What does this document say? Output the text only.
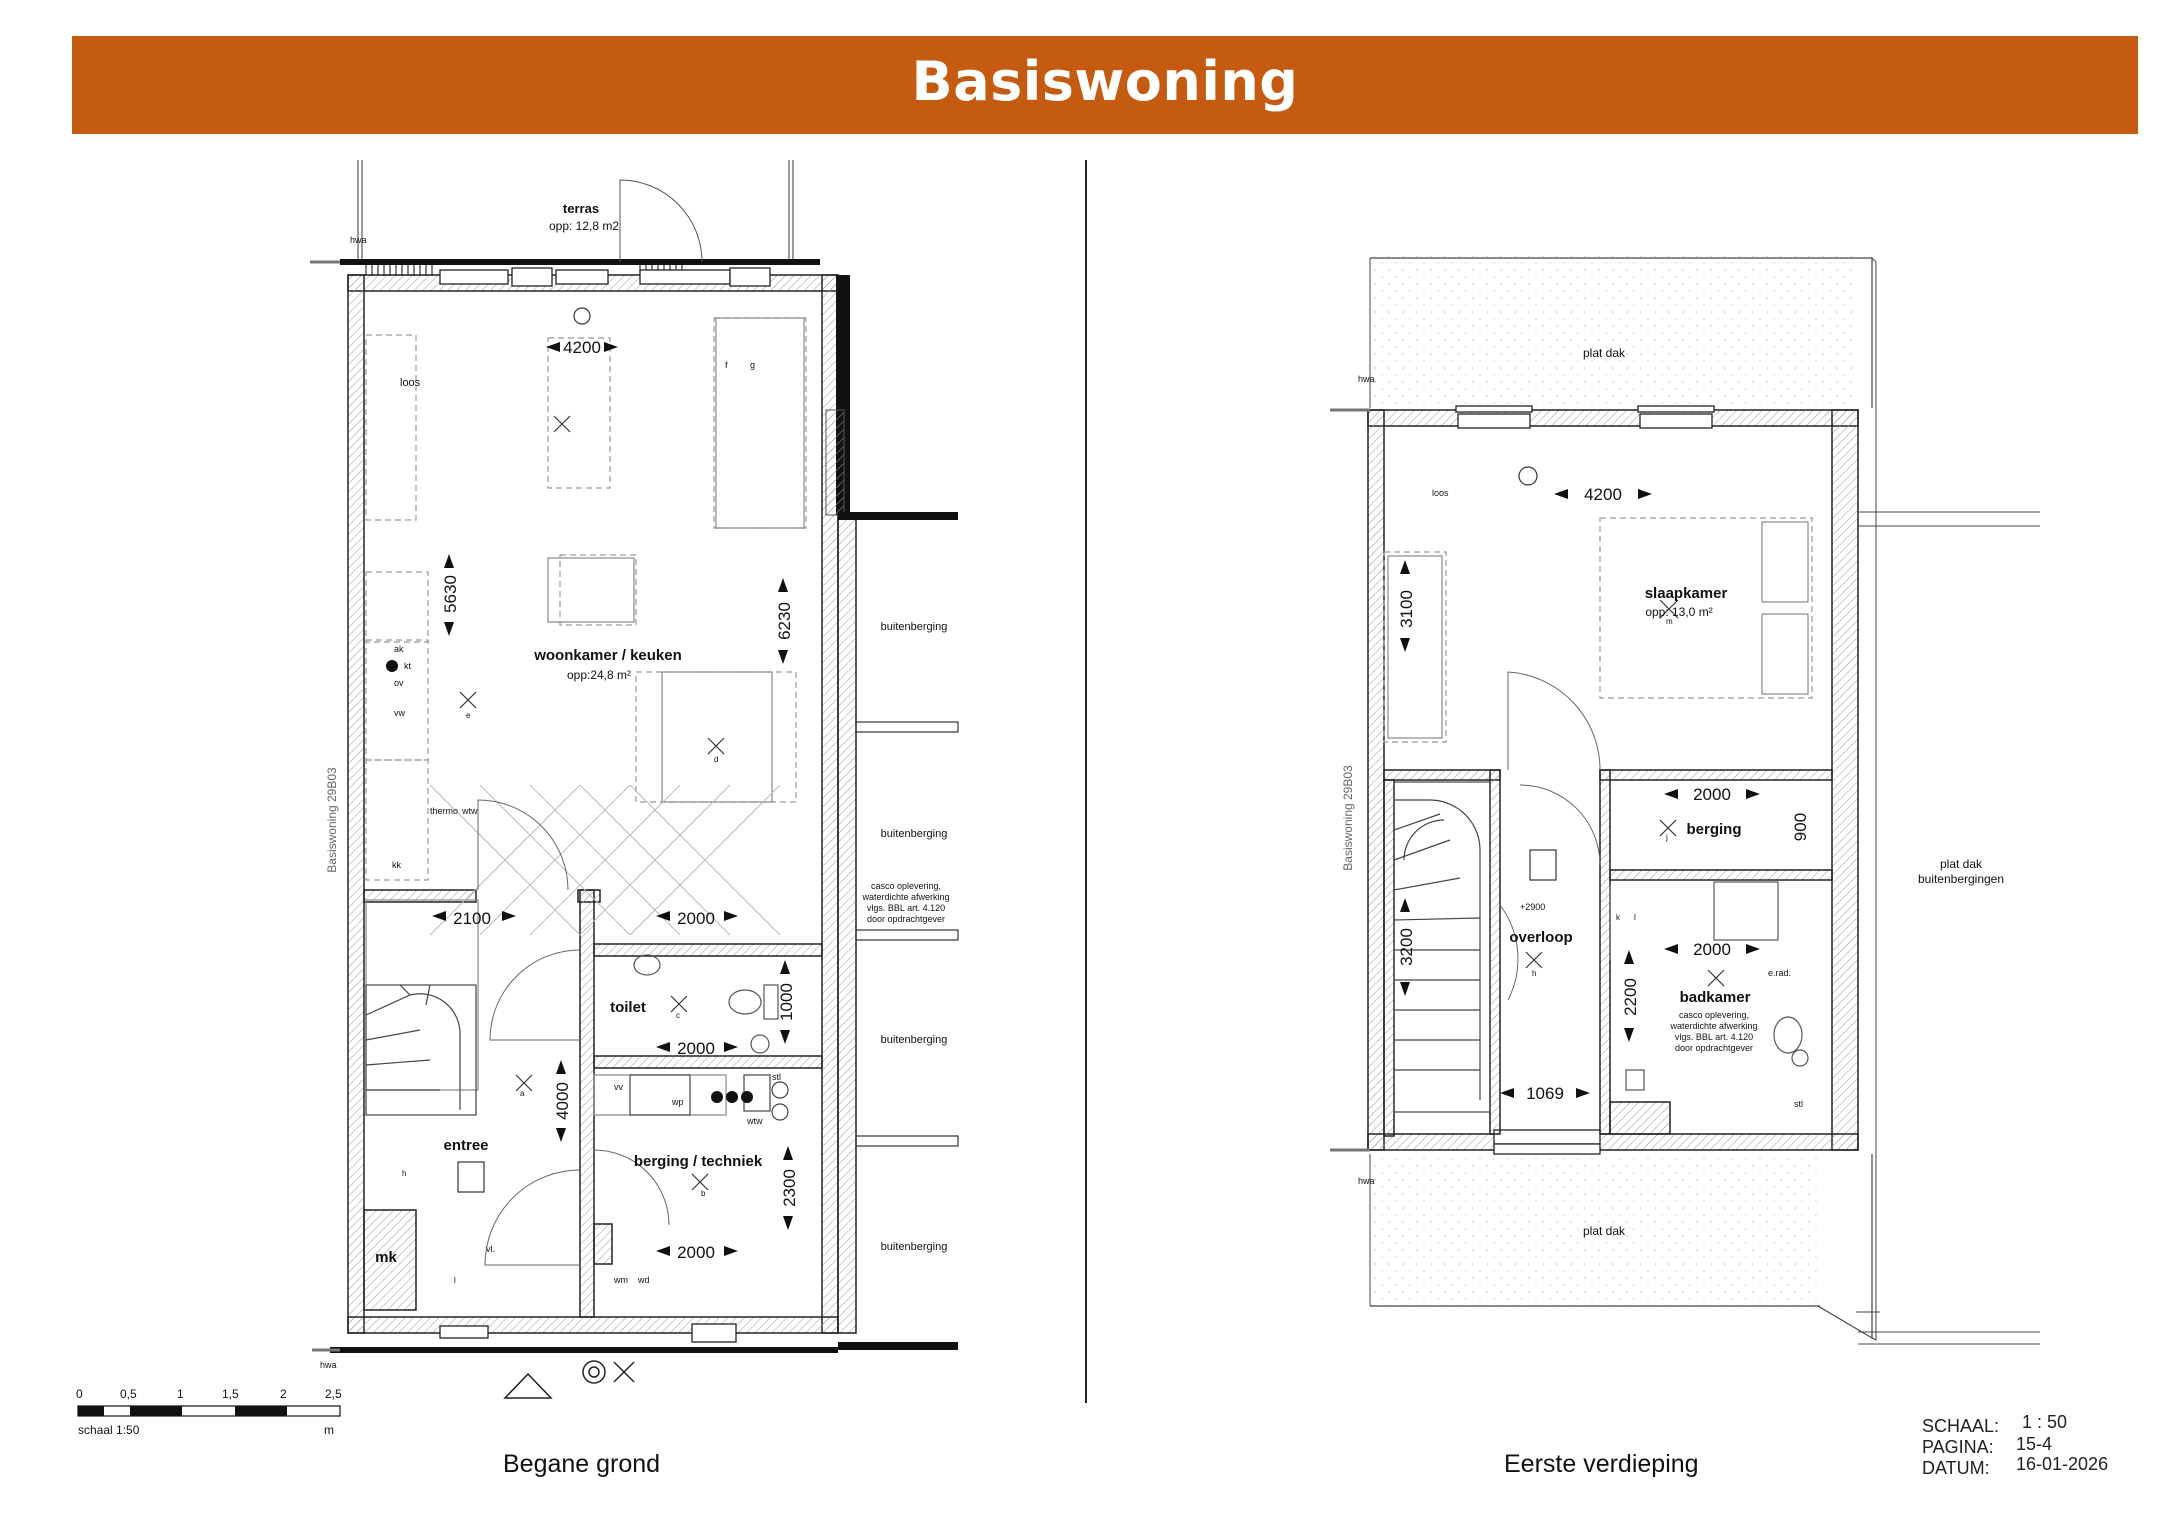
Basiswoning
terras
opp: 12,8 m2
woonkamer / keuken
opp:24,8 m²
toilet
entree
berging / techniek
mk
4200
5630
6230
2100	2000
1000
2000
4000
2300
2000
buitenberging
buitenberging
buitenberging
buitenberging
casco oplevering,
waterdichte afwerking
vlgs. BBL art. 4.120
door opdrachtgever
Basiswoning 29B03
hwa
hwa
loos
ak
kt
ov
vw
thermo wtw
kk
wp
wtw
wm wd
vv
stl
vl.
f g
e
d
c
b
a
h
l
0	0,5	1	1,5	2	2,5
schaal 1:50	m
slaapkamer
opp: 13,0 m²
berging
overloop
badkamer
4200
3100
2000
900
2000
3200
2200
1069
plat dak
plat dak
plat dak
buitenbergingen
+2900
casco oplevering,
waterdichte afwerking
vlgs. BBL art. 4.120
door opdrachtgever
Basiswoning 29B03
hwa
hwa
loos
m
j
k l
h	e.rad.
stl
Begane grond	Eerste verdieping
SCHAAL: 1 : 50
PAGINA: 15-4
DATUM: 16-01-2026
